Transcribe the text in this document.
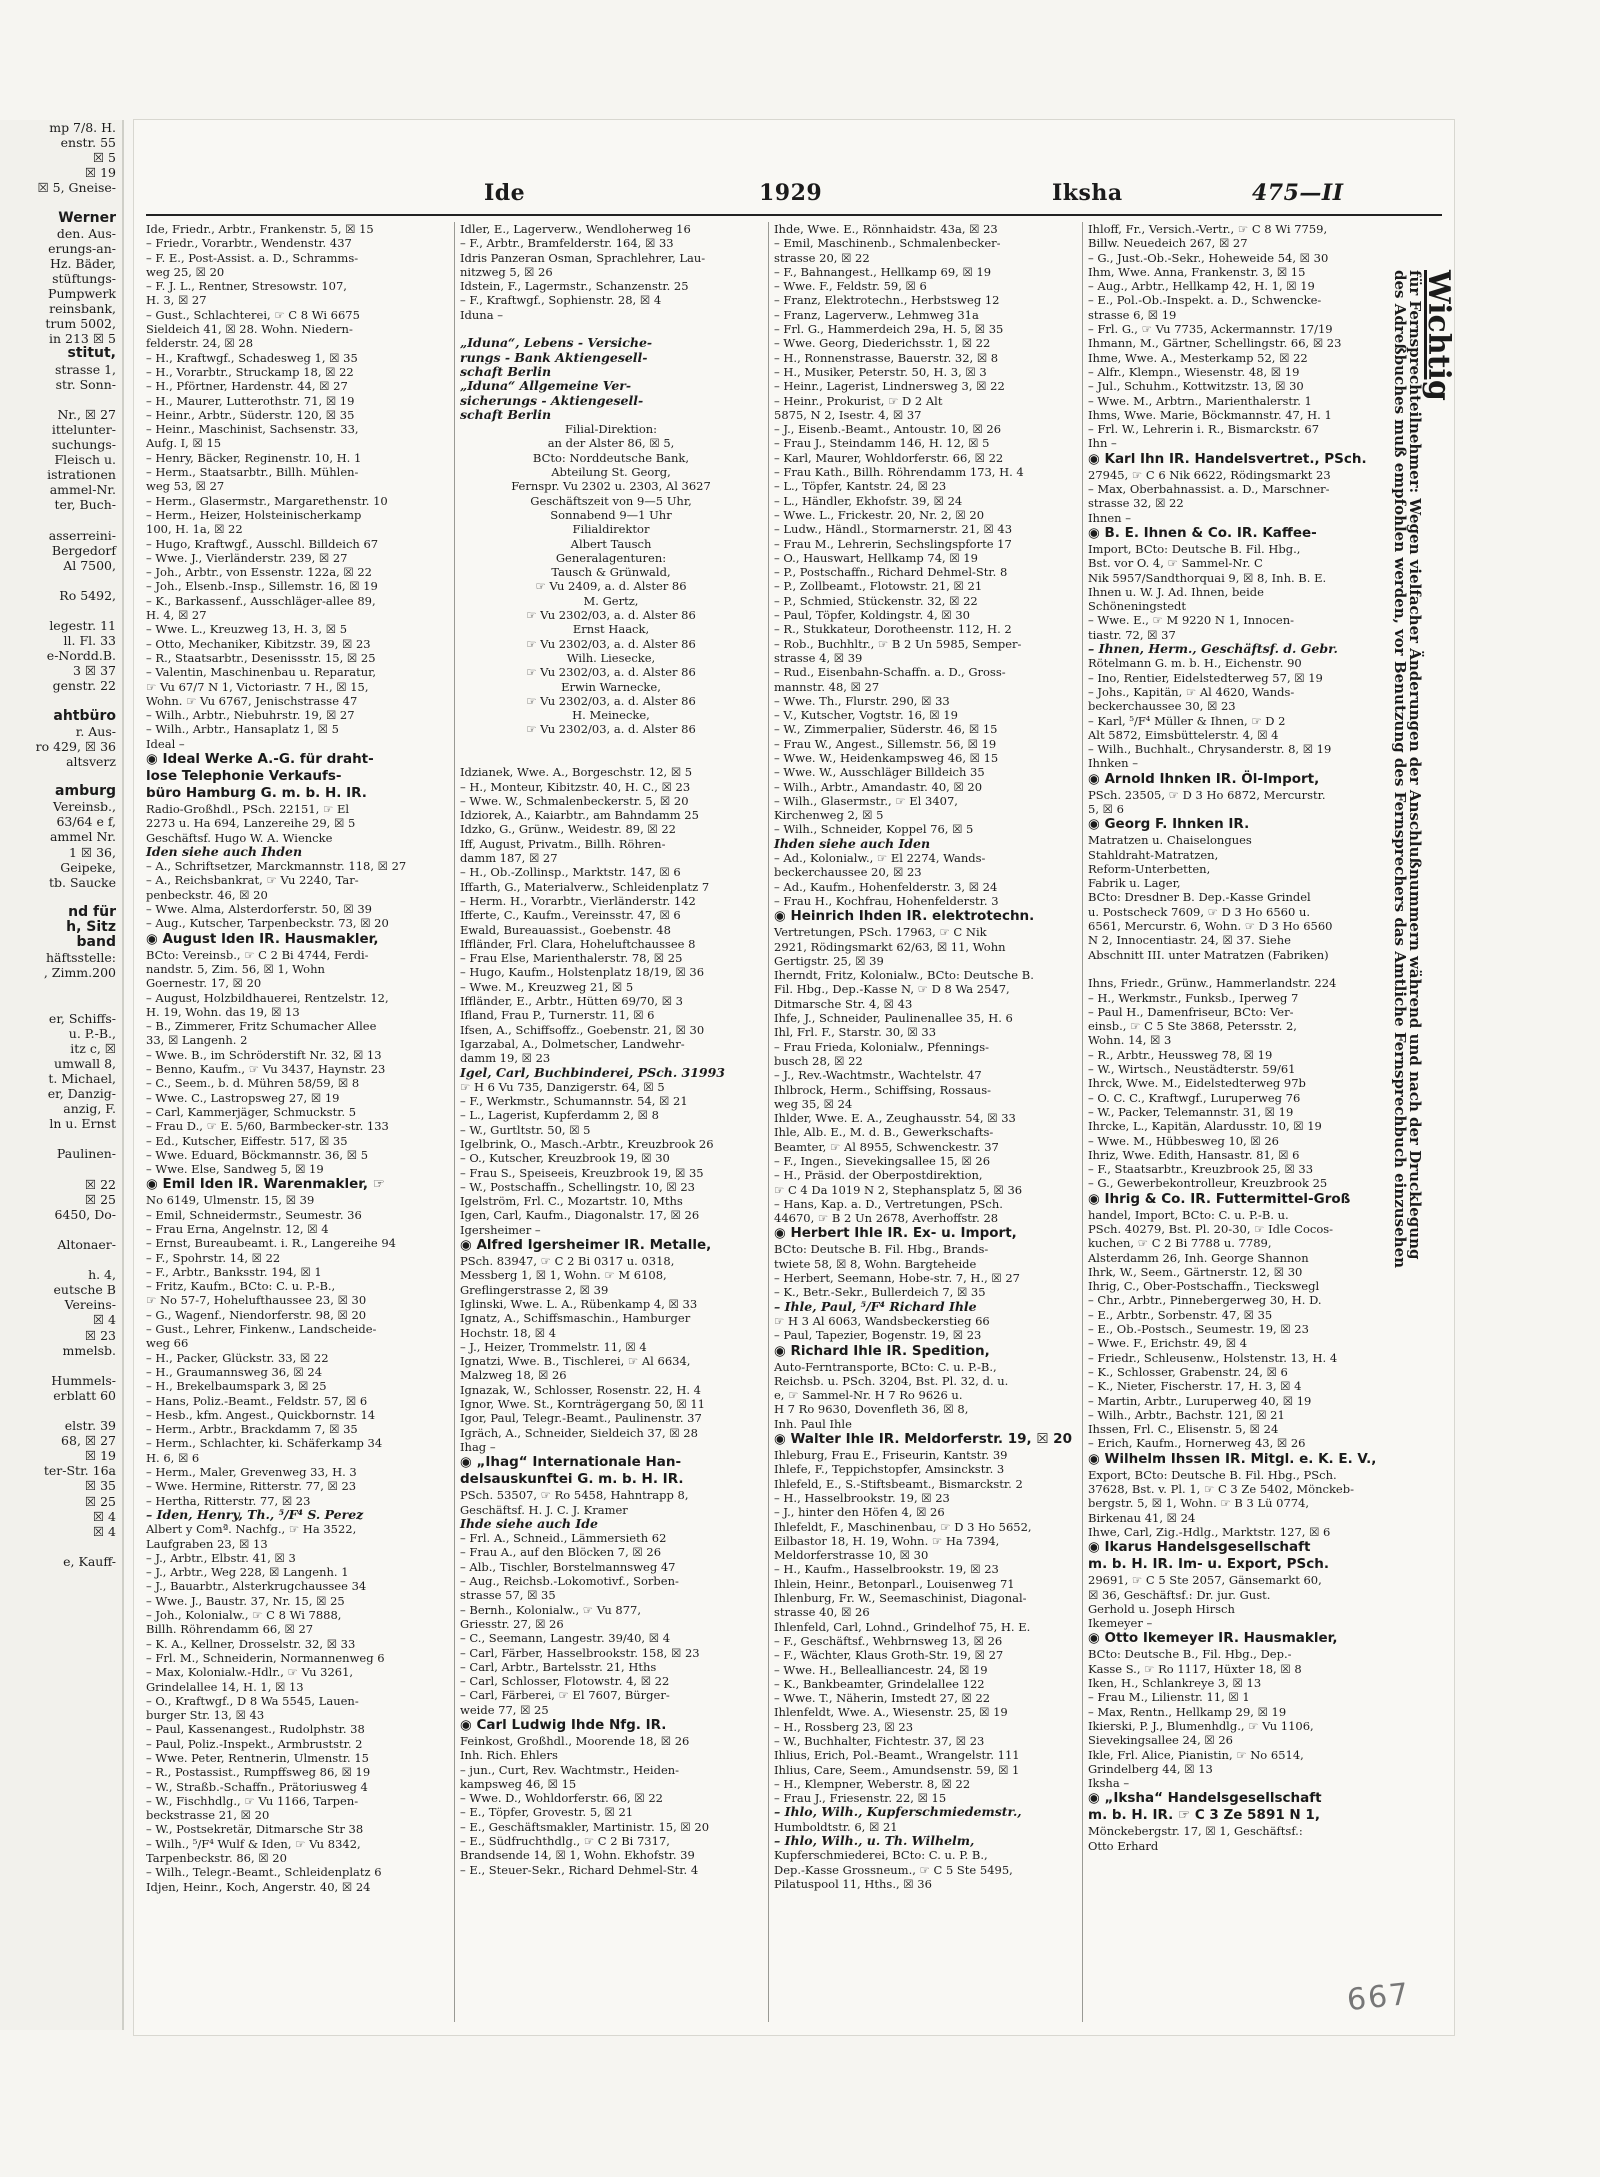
mp 7/8. H.
enstr. 55
☒ 5
☒ 19
☒ 5, Gneise-

Werner
den. Aus-
erungs-an-
Hz. Bäder,
stüftungs-
Pumpwerk
reinsbank,
trum 5002,
in 213 ☒ 5
stitut,
strasse 1,
str. Sonn-

Nr., ☒ 27
ittelunter-
suchungs-
Fleisch u.
istrationen
ammel-Nr.
ter, Buch-

asserreini-
Bergedorf
Al 7500,

Ro 5492,

legestr. 11
ll. Fl. 33
e-Nordd.B.
3 ☒ 37
genstr. 22

ahtbüro
r. Aus-
ro 429, ☒ 36
altsverz

amburg
Vereinsb.,
63/64 e f,
ammel Nr.
1 ☒ 36,
Geipeke,
tb. Saucke

nd für
h, Sitz
band
häftsstelle:
, Zimm.200

er, Schiffs-
u. P.-B.,
itz c, ☒
umwall 8,
t. Michael,
er, Danzig-
anzig, F.
ln u. Ernst

Paulinen-

☒ 22
☒ 25
6450, Do-

Altonaer-

h. 4,
eutsche B
Vereins-
☒ 4
☒ 23
mmelsb.

Hummels-
erblatt 60

elstr. 39
68, ☒ 27
☒ 19
ter-Str. 16a
☒ 35
☒ 25
☒ 4
☒ 4

e, Kauff-
Ide	1929	Iksha	475—II
Ide, Friedr., Arbtr., Frankenstr. 5, ☒ 15
– Friedr., Vorarbtr., Wendenstr. 437
– F. E., Post-Assist. a. D., Schramms-
weg 25, ☒ 20
– F. J. L., Rentner, Stresowstr. 107,
H. 3, ☒ 27
– Gust., Schlachterei, ☞ C 8 Wi 6675
Sieldeich 41, ☒ 28. Wohn. Niedern-
felderstr. 24, ☒ 28
– H., Kraftwgf., Schadesweg 1, ☒ 35
– H., Vorarbtr., Struckamp 18, ☒ 22
– H., Pförtner, Hardenstr. 44, ☒ 27
– H., Maurer, Lutterothstr. 71, ☒ 19
– Heinr., Arbtr., Süderstr. 120, ☒ 35
– Heinr., Maschinist, Sachsenstr. 33,
Aufg. I, ☒ 15
– Henry, Bäcker, Reginenstr. 10, H. 1
– Herm., Staatsarbtr., Billh. Mühlen-
weg 53, ☒ 27
– Herm., Glasermstr., Margarethenstr. 10
– Herm., Heizer, Holsteinischerkamp
100, H. 1a, ☒ 22
– Hugo, Kraftwgf., Ausschl. Billdeich 67
– Wwe. J., Vierländerstr. 239, ☒ 27
– Joh., Arbtr., von Essenstr. 122a, ☒ 22
– Joh., Elsenb.-Insp., Sillemstr. 16, ☒ 19
– K., Barkassenf., Ausschläger-allee 89,
H. 4, ☒ 27
– Wwe. L., Kreuzweg 13, H. 3, ☒ 5
– Otto, Mechaniker, Kibitzstr. 39, ☒ 23
– R., Staatsarbtr., Desenissstr. 15, ☒ 25
– Valentin, Maschinenbau u. Reparatur,
☞ Vu 67/7 N 1, Victoriastr. 7 H., ☒ 15,
Wohn. ☞ Vu 6767, Jenischstrasse 47
– Wilh., Arbtr., Niebuhrstr. 19, ☒ 27
– Wilh., Arbtr., Hansaplatz 1, ☒ 5
Ideal –
◉ Ideal Werke A.-G. für draht-
lose Telephonie Verkaufs-
büro Hamburg G. m. b. H. IR.
Radio-Großhdl., PSch. 22151, ☞ El
2273 u. Ha 694, Lanzereihe 29, ☒ 5
Geschäftsf. Hugo W. A. Wiencke
Iden siehe auch Ihden
– A., Schriftsetzer, Marckmannstr. 118, ☒ 27
– A., Reichsbankrat, ☞ Vu 2240, Tar-
penbeckstr. 46, ☒ 20
– Wwe. Alma, Alsterdorferstr. 50, ☒ 39
– Aug., Kutscher, Tarpenbeckstr. 73, ☒ 20
◉ August Iden IR. Hausmakler,
BCto: Vereinsb., ☞ C 2 Bi 4744, Ferdi-
nandstr. 5, Zim. 56, ☒ 1, Wohn
Goernestr. 17, ☒ 20
– August, Holzbildhauerei, Rentzelstr. 12,
H. 19, Wohn. das 19, ☒ 13
– B., Zimmerer, Fritz Schumacher Allee
33, ☒ Langenh. 2
– Wwe. B., im Schröderstift Nr. 32, ☒ 13
– Benno, Kaufm., ☞ Vu 3437, Haynstr. 23
– C., Seem., b. d. Mühren 58/59, ☒ 8
– Wwe. C., Lastropsweg 27, ☒ 19
– Carl, Kammerjäger, Schmuckstr. 5
– Frau D., ☞ E. 5/60, Barmbecker-str. 133
– Ed., Kutscher, Eiffestr. 517, ☒ 35
– Wwe. Eduard, Böckmannstr. 36, ☒ 5
– Wwe. Else, Sandweg 5, ☒ 19
◉ Emil Iden IR. Warenmakler, ☞
No 6149, Ulmenstr. 15, ☒ 39
– Emil, Schneidermstr., Seumestr. 36
– Frau Erna, Angelnstr. 12, ☒ 4
– Ernst, Bureaubeamt. i. R., Langereihe 94
– F., Spohrstr. 14, ☒ 22
– F., Arbtr., Banksstr. 194, ☒ 1
– Fritz, Kaufm., BCto: C. u. P.-B.,
☞ No 57-7, Hohelufthaussee 23, ☒ 30
– G., Wagenf., Niendorferstr. 98, ☒ 20
– Gust., Lehrer, Finkenw., Landscheide-
weg 66
– H., Packer, Glückstr. 33, ☒ 22
– H., Graumannsweg 36, ☒ 24
– H., Brekelbaumspark 3, ☒ 25
– Hans, Poliz.-Beamt., Feldstr. 57, ☒ 6
– Hesb., kfm. Angest., Quickbornstr. 14
– Herm., Arbtr., Brackdamm 7, ☒ 35
– Herm., Schlachter, ki. Schäferkamp 34
H. 6, ☒ 6
– Herm., Maler, Grevenweg 33, H. 3
– Wwe. Hermine, Ritterstr. 77, ☒ 23
– Hertha, Ritterstr. 77, ☒ 23
– Iden, Henry, Th., ⁵/F⁴ S. Perez
Albert y Comª. Nachfg., ☞ Ha 3522,
Laufgraben 23, ☒ 13
– J., Arbtr., Elbstr. 41, ☒ 3
– J., Arbtr., Weg 228, ☒ Langenh. 1
– J., Bauarbtr., Alsterkrugchaussee 34
– Wwe. J., Baustr. 37, Nr. 15, ☒ 25
– Joh., Kolonialw., ☞ C 8 Wi 7888,
Billh. Röhrendamm 66, ☒ 27
– K. A., Kellner, Drosselstr. 32, ☒ 33
– Frl. M., Schneiderin, Normannenweg 6
– Max, Kolonialw.-Hdlr., ☞ Vu 3261,
Grindelallee 14, H. 1, ☒ 13
– O., Kraftwgf., D 8 Wa 5545, Lauen-
burger Str. 13, ☒ 43
– Paul, Kassenangest., Rudolphstr. 38
– Paul, Poliz.-Inspekt., Armbruststr. 2
– Wwe. Peter, Rentnerin, Ulmenstr. 15
– R., Postassist., Rumpffsweg 86, ☒ 19
– W., Straßb.-Schaffn., Prätoriusweg 4
– W., Fischhdlg., ☞ Vu 1166, Tarpen-
beckstrasse 21, ☒ 20
– W., Postsekretär, Ditmarsche Str 38
– Wilh., ⁵/F⁴ Wulf & Iden, ☞ Vu 8342,
Tarpenbeckstr. 86, ☒ 20
– Wilh., Telegr.-Beamt., Schleidenplatz 6
Idjen, Heinr., Koch, Angerstr. 40, ☒ 24
Idler, E., Lagerverw., Wendloherweg 16
– F., Arbtr., Bramfelderstr. 164, ☒ 33
Idris Panzeran Osman, Sprachlehrer, Lau-
nitzweg 5, ☒ 26
Idstein, F., Lagermstr., Schanzenstr. 25
– F., Kraftwgf., Sophienstr. 28, ☒ 4
Iduna –

„Iduna“, Lebens - Versiche-
rungs - Bank Aktiengesell-
schaft Berlin
„Iduna“ Allgemeine Ver-
sicherungs - Aktiengesell-
schaft Berlin
Filial-Direktion:
an der Alster 86, ☒ 5,
BCto: Norddeutsche Bank,
Abteilung St. Georg,
Fernspr. Vu 2302 u. 2303, Al 3627
Geschäftszeit von 9—5 Uhr,
Sonnabend 9—1 Uhr
Filialdirektor
Albert Tausch
Generalagenturen:
Tausch & Grünwald,
☞ Vu 2409, a. d. Alster 86
M. Gertz,
☞ Vu 2302/03, a. d. Alster 86
Ernst Haack,
☞ Vu 2302/03, a. d. Alster 86
Wilh. Liesecke,
☞ Vu 2302/03, a. d. Alster 86
Erwin Warnecke,
☞ Vu 2302/03, a. d. Alster 86
H. Meinecke,
☞ Vu 2302/03, a. d. Alster 86

Idzianek, Wwe. A., Borgeschstr. 12, ☒ 5
– H., Monteur, Kibitzstr. 40, H. C., ☒ 23
– Wwe. W., Schmalenbeckerstr. 5, ☒ 20
Idziorek, A., Kaiarbtr., am Bahndamm 25
Idzko, G., Grünw., Weidestr. 89, ☒ 22
Iff, August, Privatm., Billh. Röhren-
damm 187, ☒ 27
– H., Ob.-Zollinsp., Marktstr. 147, ☒ 6
Iffarth, G., Materialverw., Schleidenplatz 7
– Herm. H., Vorarbtr., Vierländerstr. 142
Ifferte, C., Kaufm., Vereinsstr. 47, ☒ 6
Ewald, Bureauassist., Goebenstr. 48
Iffländer, Frl. Clara, Hoheluftchaussee 8
– Frau Else, Marienthalerstr. 78, ☒ 25
– Hugo, Kaufm., Holstenplatz 18/19, ☒ 36
– Wwe. M., Kreuzweg 21, ☒ 5
Iffländer, E., Arbtr., Hütten 69/70, ☒ 3
Ifland, Frau P., Turnerstr. 11, ☒ 6
Ifsen, A., Schiffsoffz., Goebenstr. 21, ☒ 30
Igarzabal, A., Dolmetscher, Landwehr-
damm 19, ☒ 23
Igel, Carl, Buchbinderei, PSch. 31993
☞ H 6 Vu 735, Danzigerstr. 64, ☒ 5
– F., Werkmstr., Schumannstr. 54, ☒ 21
– L., Lagerist, Kupferdamm 2, ☒ 8
– W., Gurtltstr. 50, ☒ 5
Igelbrink, O., Masch.-Arbtr., Kreuzbrook 26
– O., Kutscher, Kreuzbrook 19, ☒ 30
– Frau S., Speiseeis, Kreuzbrook 19, ☒ 35
– W., Postschaffn., Schellingstr. 10, ☒ 23
Igelström, Frl. C., Mozartstr. 10, Mths
Igen, Carl, Kaufm., Diagonalstr. 17, ☒ 26
Igersheimer –
◉ Alfred Igersheimer IR. Metalle,
PSch. 83947, ☞ C 2 Bi 0317 u. 0318,
Messberg 1, ☒ 1, Wohn. ☞ M 6108,
Greflingerstrasse 2, ☒ 39
Iglinski, Wwe. L. A., Rübenkamp 4, ☒ 33
Ignatz, A., Schiffsmaschin., Hamburger
Hochstr. 18, ☒ 4
– J., Heizer, Trommelstr. 11, ☒ 4
Ignatzi, Wwe. B., Tischlerei, ☞ Al 6634,
Malzweg 18, ☒ 26
Ignazak, W., Schlosser, Rosenstr. 22, H. 4
Ignor, Wwe. St., Kornträgergang 50, ☒ 11
Igor, Paul, Telegr.-Beamt., Paulinenstr. 37
Igräch, A., Schneider, Sieldeich 37, ☒ 28
Ihag –
◉ „Ihag“ Internationale Han-
delsauskunftei G. m. b. H. IR.
PSch. 53507, ☞ Ro 5458, Hahntrapp 8,
Geschäftsf. H. J. C. J. Kramer
Ihde siehe auch Ide
– Frl. A., Schneid., Lämmersieth 62
– Frau A., auf den Blöcken 7, ☒ 26
– Alb., Tischler, Borstelmannsweg 47
– Aug., Reichsb.-Lokomotivf., Sorben-
strasse 57, ☒ 35
– Bernh., Kolonialw., ☞ Vu 877,
Griesstr. 27, ☒ 26
– C., Seemann, Langestr. 39/40, ☒ 4
– Carl, Färber, Hasselbrookstr. 158, ☒ 23
– Carl, Arbtr., Bartelsstr. 21, Hths
– Carl, Schlosser, Flotowstr. 4, ☒ 22
– Carl, Färberei, ☞ El 7607, Bürger-
weide 77, ☒ 25
◉ Carl Ludwig Ihde Nfg. IR.
Feinkost, Großhdl., Moorende 18, ☒ 26
Inh. Rich. Ehlers
– jun., Curt, Rev. Wachtmstr., Heiden-
kampsweg 46, ☒ 15
– Wwe. D., Wohldorferstr. 66, ☒ 22
– E., Töpfer, Grovestr. 5, ☒ 21
– E., Geschäftsmakler, Martinistr. 15, ☒ 20
– E., Südfruchthdlg., ☞ C 2 Bi 7317,
Brandsende 14, ☒ 1, Wohn. Ekhofstr. 39
– E., Steuer-Sekr., Richard Dehmel-Str. 4
Ihde, Wwe. E., Rönnhaidstr. 43a, ☒ 23
– Emil, Maschinenb., Schmalenbecker-
strasse 20, ☒ 22
– F., Bahnangest., Hellkamp 69, ☒ 19
– Wwe. F., Feldstr. 59, ☒ 6
– Franz, Elektrotechn., Herbstsweg 12
– Franz, Lagerverw., Lehmweg 31a
– Frl. G., Hammerdeich 29a, H. 5, ☒ 35
– Wwe. Georg, Diederichsstr. 1, ☒ 22
– H., Ronnenstrasse, Bauerstr. 32, ☒ 8
– H., Musiker, Peterstr. 50, H. 3, ☒ 3
– Heinr., Lagerist, Lindnersweg 3, ☒ 22
– Heinr., Prokurist, ☞ D 2 Alt
5875, N 2, Isestr. 4, ☒ 37
– J., Eisenb.-Beamt., Antoustr. 10, ☒ 26
– Frau J., Steindamm 146, H. 12, ☒ 5
– Karl, Maurer, Wohldorferstr. 66, ☒ 22
– Frau Kath., Billh. Röhrendamm 173, H. 4
– L., Töpfer, Kantstr. 24, ☒ 23
– L., Händler, Ekhofstr. 39, ☒ 24
– Wwe. L., Frickestr. 20, Nr. 2, ☒ 20
– Ludw., Händl., Stormarnerstr. 21, ☒ 43
– Frau M., Lehrerin, Sechslingspforte 17
– O., Hauswart, Hellkamp 74, ☒ 19
– P., Postschaffn., Richard Dehmel-Str. 8
– P., Zollbeamt., Flotowstr. 21, ☒ 21
– P., Schmied, Stückenstr. 32, ☒ 22
– Paul, Töpfer, Koldingstr. 4, ☒ 30
– R., Stukkateur, Dorotheenstr. 112, H. 2
– Rob., Buchhltr., ☞ B 2 Un 5985, Semper-
strasse 4, ☒ 39
– Rud., Eisenbahn-Schaffn. a. D., Gross-
mannstr. 48, ☒ 27
– Wwe. Th., Flurstr. 290, ☒ 33
– V., Kutscher, Vogtstr. 16, ☒ 19
– W., Zimmerpalier, Süderstr. 46, ☒ 15
– Frau W., Angest., Sillemstr. 56, ☒ 19
– Wwe. W., Heidenkampsweg 46, ☒ 15
– Wwe. W., Ausschläger Billdeich 35
– Wilh., Arbtr., Amandastr. 40, ☒ 20
– Wilh., Glasermstr., ☞ El 3407,
Kirchenweg 2, ☒ 5
– Wilh., Schneider, Koppel 76, ☒ 5
Ihden siehe auch Iden
– Ad., Kolonialw., ☞ El 2274, Wands-
beckerchaussee 20, ☒ 23
– Ad., Kaufm., Hohenfelderstr. 3, ☒ 24
– Frau H., Kochfrau, Hohenfelderstr. 3
◉ Heinrich Ihden IR. elektrotechn.
Vertretungen, PSch. 17963, ☞ C Nik
2921, Rödingsmarkt 62/63, ☒ 11, Wohn
Gertigstr. 25, ☒ 39
Iherndt, Fritz, Kolonialw., BCto: Deutsche B.
Fil. Hbg., Dep.-Kasse N, ☞ D 8 Wa 2547,
Ditmarsche Str. 4, ☒ 43
Ihfe, J., Schneider, Paulinenallee 35, H. 6
Ihl, Frl. F., Starstr. 30, ☒ 33
– Frau Frieda, Kolonialw., Pfennings-
busch 28, ☒ 22
– J., Rev.-Wachtmstr., Wachtelstr. 47
Ihlbrock, Herm., Schiffsing, Rossaus-
weg 35, ☒ 24
Ihlder, Wwe. E. A., Zeughausstr. 54, ☒ 33
Ihle, Alb. E., M. d. B., Gewerkschafts-
Beamter, ☞ Al 8955, Schwenckestr. 37
– F., Ingen., Sievekingsallee 15, ☒ 26
– H., Präsid. der Oberpostdirektion,
☞ C 4 Da 1019 N 2, Stephansplatz 5, ☒ 36
– Hans, Kap. a. D., Vertretungen, PSch.
44670, ☞ B 2 Un 2678, Averhoffstr. 28
◉ Herbert Ihle IR. Ex- u. Import,
BCto: Deutsche B. Fil. Hbg., Brands-
twiete 58, ☒ 8, Wohn. Bargteheide
– Herbert, Seemann, Hobe-str. 7, H., ☒ 27
– K., Betr.-Sekr., Bullerdeich 7, ☒ 35
– Ihle, Paul, ⁵/F⁴ Richard Ihle
☞ H 3 Al 6063, Wandsbeckerstieg 66
– Paul, Tapezier, Bogenstr. 19, ☒ 23
◉ Richard Ihle IR. Spedition,
Auto-Ferntransporte, BCto: C. u. P.-B.,
Reichsb. u. PSch. 3204, Bst. Pl. 32, d. u.
e, ☞ Sammel-Nr. H 7 Ro 9626 u.
H 7 Ro 9630, Dovenfleth 36, ☒ 8,
Inh. Paul Ihle
◉ Walter Ihle IR. Meldorferstr. 19, ☒ 20
Ihleburg, Frau E., Friseurin, Kantstr. 39
Ihlefe, F., Teppichstopfer, Amsinckstr. 3
Ihlefeld, E., S.-Stiftsbeamt., Bismarckstr. 2
– H., Hasselbrookstr. 19, ☒ 23
– J., hinter den Höfen 4, ☒ 26
Ihlefeldt, F., Maschinenbau, ☞ D 3 Ho 5652,
Eilbastor 18, H. 19, Wohn. ☞ Ha 7394,
Meldorferstrasse 10, ☒ 30
– H., Kaufm., Hasselbrookstr. 19, ☒ 23
Ihlein, Heinr., Betonparl., Louisenweg 71
Ihlenburg, Fr. W., Seemaschinist, Diagonal-
strasse 40, ☒ 26
Ihlenfeld, Carl, Lohnd., Grindelhof 75, H. E.
– F., Geschäftsf., Wehbrnsweg 13, ☒ 26
– F., Wächter, Klaus Groth-Str. 19, ☒ 27
– Wwe. H., Bellealliancestr. 24, ☒ 19
– K., Bankbeamter, Grindelallee 122
– Wwe. T., Näherin, Imstedt 27, ☒ 22
Ihlenfeldt, Wwe. A., Wiesenstr. 25, ☒ 19
– H., Rossberg 23, ☒ 23
– W., Buchhalter, Fichtestr. 37, ☒ 23
Ihlius, Erich, Pol.-Beamt., Wrangelstr. 111
Ihlius, Care, Seem., Amundsenstr. 59, ☒ 1
– H., Klempner, Weberstr. 8, ☒ 22
– Frau J., Friesenstr. 22, ☒ 15
– Ihlo, Wilh., Kupferschmiedemstr.,
Humboldtstr. 6, ☒ 21
– Ihlo, Wilh., u. Th. Wilhelm,
Kupferschmiederei, BCto: C. u. P. B.,
Dep.-Kasse Grossneum., ☞ C 5 Ste 5495,
Pilatuspool 11, Hths., ☒ 36
Ihloff, Fr., Versich.-Vertr., ☞ C 8 Wi 7759,
Billw. Neuedeich 267, ☒ 27
– G., Just.-Ob.-Sekr., Hoheweide 54, ☒ 30
Ihm, Wwe. Anna, Frankenstr. 3, ☒ 15
– Aug., Arbtr., Hellkamp 42, H. 1, ☒ 19
– E., Pol.-Ob.-Inspekt. a. D., Schwencke-
strasse 6, ☒ 19
– Frl. G., ☞ Vu 7735, Ackermannstr. 17/19
Ihmann, M., Gärtner, Schellingstr. 66, ☒ 23
Ihme, Wwe. A., Mesterkamp 52, ☒ 22
– Alfr., Klempn., Wiesenstr. 48, ☒ 19
– Jul., Schuhm., Kottwitzstr. 13, ☒ 30
– Wwe. M., Arbtrn., Marienthalerstr. 1
Ihms, Wwe. Marie, Böckmannstr. 47, H. 1
– Frl. W., Lehrerin i. R., Bismarckstr. 67
Ihn –
◉ Karl Ihn IR. Handelsvertret., PSch.
27945, ☞ C 6 Nik 6622, Rödingsmarkt 23
– Max, Oberbahnassist. a. D., Marschner-
strasse 32, ☒ 22
Ihnen –
◉ B. E. Ihnen & Co. IR. Kaffee-
Import, BCto: Deutsche B. Fil. Hbg.,
Bst. vor O. 4, ☞ Sammel-Nr. C
Nik 5957/Sandthorquai 9, ☒ 8, Inh. B. E.
Ihnen u. W. J. Ad. Ihnen, beide
Schöneningstedt
– Wwe. E., ☞ M 9220 N 1, Innocen-
tiastr. 72, ☒ 37
– Ihnen, Herm., Geschäftsf. d. Gebr.
Rötelmann G. m. b. H., Eichenstr. 90
– Ino, Rentier, Eidelstedterweg 57, ☒ 19
– Johs., Kapitän, ☞ Al 4620, Wands-
beckerchaussee 30, ☒ 23
– Karl, ⁵/F⁴ Müller & Ihnen, ☞ D 2
Alt 5872, Eimsbüttelerstr. 4, ☒ 4
– Wilh., Buchhalt., Chrysanderstr. 8, ☒ 19
Ihnken –
◉ Arnold Ihnken IR. Öl-Import,
PSch. 23505, ☞ D 3 Ho 6872, Mercurstr.
5, ☒ 6
◉ Georg F. Ihnken IR.
Matratzen u. Chaiselongues
Stahldraht-Matratzen,
Reform-Unterbetten,
Fabrik u. Lager,
BCto: Dresdner B. Dep.-Kasse Grindel
u. Postscheck 7609, ☞ D 3 Ho 6560 u.
6561, Mercurstr. 6, Wohn. ☞ D 3 Ho 6560
N 2, Innocentiastr. 24, ☒ 37. Siehe
Abschnitt III. unter Matratzen (Fabriken)

Ihns, Friedr., Grünw., Hammerlandstr. 224
– H., Werkmstr., Funksb., Iperweg 7
– Paul H., Damenfriseur, BCto: Ver-
einsb., ☞ C 5 Ste 3868, Petersstr. 2,
Wohn. 14, ☒ 3
– R., Arbtr., Heussweg 78, ☒ 19
– W., Wirtsch., Neustädterstr. 59/61
Ihrck, Wwe. M., Eidelstedterweg 97b
– O. C. C., Kraftwgf., Luruperweg 76
– W., Packer, Telemannstr. 31, ☒ 19
Ihrcke, L., Kapitän, Alardusstr. 10, ☒ 19
– Wwe. M., Hübbesweg 10, ☒ 26
Ihriz, Wwe. Edith, Hansastr. 81, ☒ 6
– F., Staatsarbtr., Kreuzbrook 25, ☒ 33
– G., Gewerbekontrolleur, Kreuzbrook 25
◉ Ihrig & Co. IR. Futtermittel-Groß
handel, Import, BCto: C. u. P.-B. u.
PSch. 40279, Bst. Pl. 20-30, ☞ Idle Cocos-
kuchen, ☞ C 2 Bi 7788 u. 7789,
Alsterdamm 26, Inh. George Shannon
Ihrk, W., Seem., Gärtnerstr. 12, ☒ 30
Ihrig, C., Ober-Postschaffn., Tieckswegl
– Chr., Arbtr., Pinnebergerweg 30, H. D.
– E., Arbtr., Sorbenstr. 47, ☒ 35
– E., Ob.-Postsch., Seumestr. 19, ☒ 23
– Wwe. F., Erichstr. 49, ☒ 4
– Friedr., Schleusenw., Holstenstr. 13, H. 4
– K., Schlosser, Grabenstr. 24, ☒ 6
– K., Nieter, Fischerstr. 17, H. 3, ☒ 4
– Martin, Arbtr., Luruperweg 40, ☒ 19
– Wilh., Arbtr., Bachstr. 121, ☒ 21
Ihssen, Frl. C., Elisenstr. 5, ☒ 24
– Erich, Kaufm., Hornerweg 43, ☒ 26
◉ Wilhelm Ihssen IR. Mitgl. e. K. E. V.,
Export, BCto: Deutsche B. Fil. Hbg., PSch.
37628, Bst. v. Pl. 1, ☞ C 3 Ze 5402, Mönckeb-
bergstr. 5, ☒ 1, Wohn. ☞ B 3 Lü 0774,
Birkenau 41, ☒ 24
Ihwe, Carl, Zig.-Hdlg., Marktstr. 127, ☒ 6
◉ Ikarus Handelsgesellschaft
m. b. H. IR. Im- u. Export, PSch.
29691, ☞ C 5 Ste 2057, Gänsemarkt 60,
☒ 36, Geschäftsf.: Dr. jur. Gust.
Gerhold u. Joseph Hirsch
Ikemeyer –
◉ Otto Ikemeyer IR. Hausmakler,
BCto: Deutsche B., Fil. Hbg., Dep.-
Kasse S., ☞ Ro 1117, Hüxter 18, ☒ 8
Iken, H., Schlankreye 3, ☒ 13
– Frau M., Lilienstr. 11, ☒ 1
– Max, Rentn., Hellkamp 29, ☒ 19
Ikierski, P. J., Blumenhdlg., ☞ Vu 1106,
Sievekingsallee 24, ☒ 26
Ikle, Frl. Alice, Pianistin, ☞ No 6514,
Grindelberg 44, ☒ 13
Iksha –
◉ „Iksha“ Handelsgesellschaft
m. b. H. IR. ☞ C 3 Ze 5891 N 1,
Mönckebergstr. 17, ☒ 1, Geschäftsf.:
Otto Erhard
Wichtig
für Fernsprechteilnehmer: Wegen vielfacher Änderungen der Anschlußnummern während und nach der Drucklegung
des Adreßbuches muß empfohlen werden, vor Benutzung des Fernsprechers das Amtliche Fernsprechbuch einzusehen
667
